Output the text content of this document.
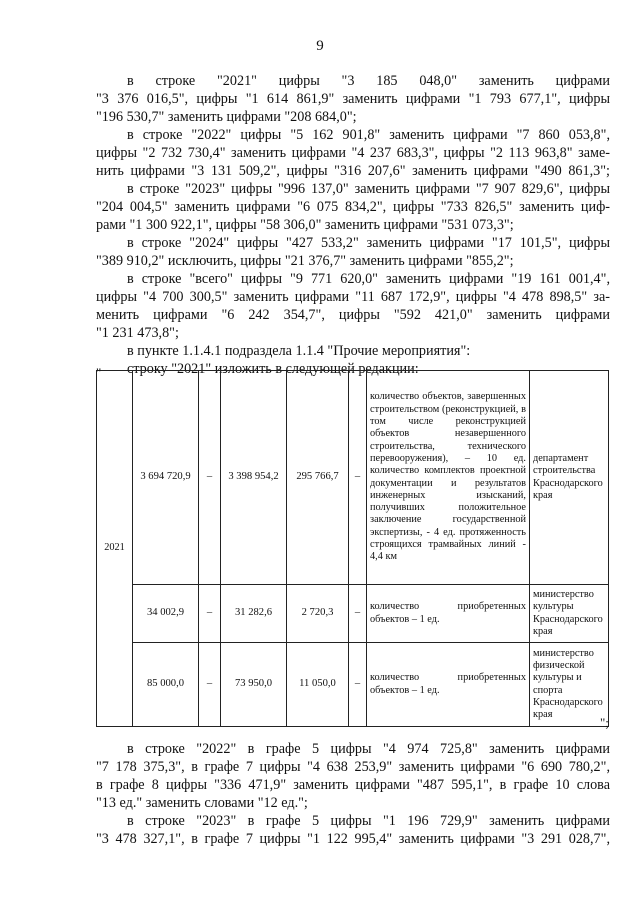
9
в строке "2021" цифры "3 185 048,0" заменить цифрами
"3 376 016,5", цифры "1 614 861,9" заменить цифрами "1 793 677,1", цифры
"196 530,7" заменить цифрами "208 684,0";
в строке "2022" цифры "5 162 901,8" заменить цифрами "7 860 053,8",
цифры "2 732 730,4" заменить цифрами "4 237 683,3", цифры "2 113 963,8" заме-
нить цифрами "3 131 509,2", цифры "316 207,6" заменить цифрами "490 861,3";
в строке "2023" цифры "996 137,0" заменить цифрами "7 907 829,6", цифры
"204 004,5" заменить цифрами "6 075 834,2", цифры "733 826,5" заменить циф-
рами "1 300 922,1", цифры "58 306,0" заменить цифрами "531 073,3";
в строке "2024" цифры "427 533,2" заменить цифрами "17 101,5", цифры
"389 910,2" исключить, цифры "21 376,7" заменить цифрами "855,2";
в строке "всего" цифры "9 771 620,0" заменить цифрами "19 161 001,4",
цифры "4 700 300,5" заменить цифрами "11 687 172,9", цифры "4 478 898,5" за-
менить цифрами "6 242 354,7", цифры "592 421,0" заменить цифрами
"1 231 473,8";
в пункте 1.1.4.1 подраздела 1.1.4 "Прочие мероприятия":
строку "2021" изложить в следующей редакции:
"
2021	3 694 720,9	–	3 398 954,2	295 766,7	–	количество объектов, завершенных строительством (реконструкцией, в том числе реконструкцией объектов незавершенного строительства, технического перевооружения), – 10 ед. количество комплектов проектной документации и результатов инженерных изысканий, получивших положительное заключение государственной экспертизы, - 4 ед. протяженность строящихся трамвайных линий - 4,4 км	департамент строительства Краснодарского края
	34 002,9	–	31 282,6	2 720,3	–	количество приобретенных объектов – 1 ед.	министерство культуры Краснодарского края
	85 000,0	–	73 950,0	11 050,0	–	количество приобретенных объектов – 1 ед.	министерство физической культуры и спорта Краснодарского края
";
в строке "2022" в графе 5 цифры "4 974 725,8" заменить цифрами
"7 178 375,3", в графе 7 цифры "4 638 253,9" заменить цифрами "6 690 780,2",
в графе 8 цифры "336 471,9" заменить цифрами "487 595,1", в графе 10 слова
"13 ед." заменить словами "12 ед.";
в строке "2023" в графе 5 цифры "1 196 729,9" заменить цифрами
"3 478 327,1", в графе 7 цифры "1 122 995,4" заменить цифрами "3 291 028,7",
